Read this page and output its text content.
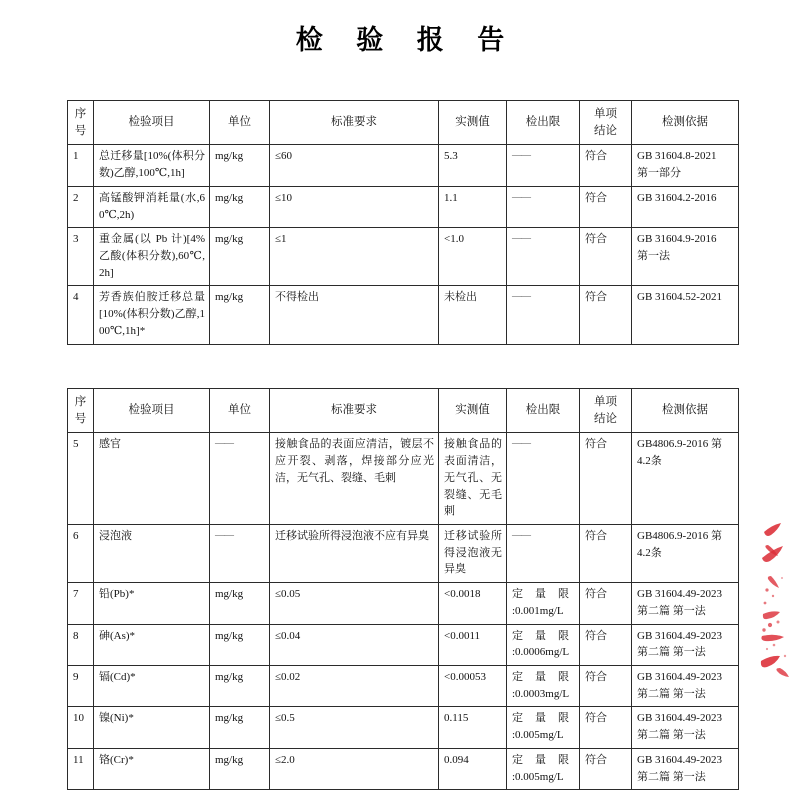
检 验 报 告
序
号	检验项目	单位	标准要求	实测值	检出限	单项
结论	检测依据
1	总迁移量[10%(体积分数)乙醇,100℃,1h]	mg/kg	≤60	5.3	——	符合	GB 31604.8-2021
第一部分

2	高锰酸钾消耗量(水,60℃,2h)	mg/kg	≤10	1.1	——	符合	GB 31604.2-2016

3	重金属(以 Pb 计)[4%乙酸(体积分数),60℃,2h]	mg/kg	≤1	<1.0	——	符合	GB 31604.9-2016
第一法

4	芳香族伯胺迁移总量[10%(体积分数)乙醇,100℃,1h]*	mg/kg	不得检出	未检出	——	符合	GB 31604.52-2021
序
号	检验项目	单位	标准要求	实测值	检出限	单项
结论	检测依据
5	感官	——	接触食品的表面应清洁，镀层不应开裂、剥落，焊接部分应光洁，无气孔、裂缝、毛刺	接触食品的表面清洁，无气孔、无裂缝、无毛刺	——	符合	GB4806.9-2016 第
4.2条

6	浸泡液	——	迁移试验所得浸泡液不应有异臭	迁移试验所得浸泡液无异臭	——	符合	GB4806.9-2016 第
4.2条

7	铅(Pb)*	mg/kg	≤0.05	<0.0018	定量限
:0.001mg/L	符合	GB 31604.49-2023
第二篇 第一法

8	砷(As)*	mg/kg	≤0.04	<0.0011	定量限
:0.0006mg/L	符合	GB 31604.49-2023
第二篇 第一法

9	镉(Cd)*	mg/kg	≤0.02	<0.00053	定量限
:0.0003mg/L	符合	GB 31604.49-2023
第二篇 第一法

10	镍(Ni)*	mg/kg	≤0.5	0.115	定量限
:0.005mg/L	符合	GB 31604.49-2023
第二篇 第一法

11	铬(Cr)*	mg/kg	≤2.0	0.094	定量限
:0.005mg/L	符合	GB 31604.49-2023
第二篇 第一法
